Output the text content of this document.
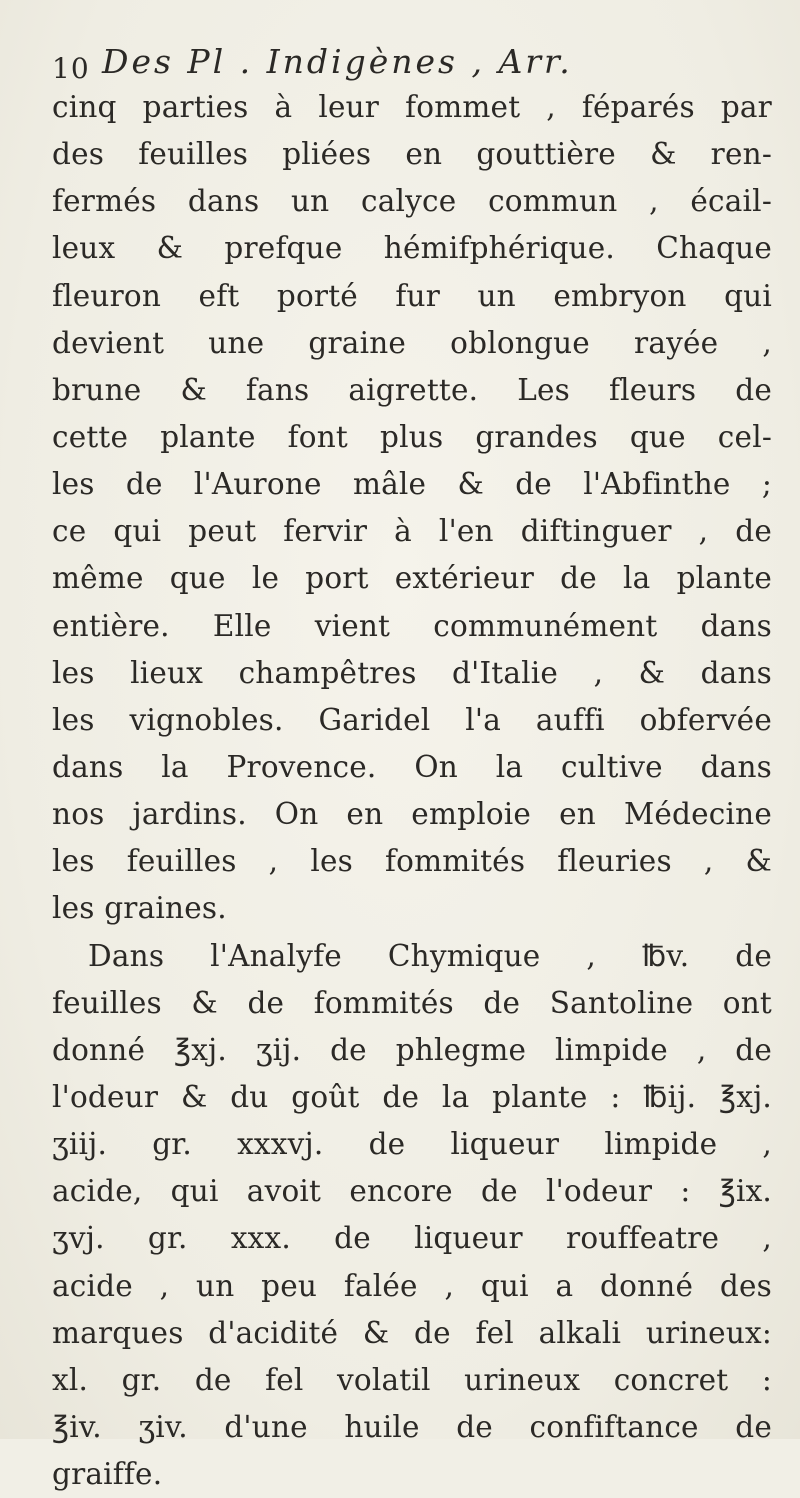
10 Des Pl . Indigènes , Arr.
cinq parties à leur fommet , féparés par
des feuilles pliées en gouttière & ren-
fermés dans un calyce commun , écail-
leux & prefque hémifphérique. Chaque
fleuron eft porté fur un embryon qui
devient une graine oblongue rayée ,
brune & fans aigrette. Les fleurs de
cette plante font plus grandes que cel-
les de l'Aurone mâle & de l'Abfinthe ;
ce qui peut fervir à l'en diftinguer , de
même que le port extérieur de la plante
entière. Elle vient communément dans
les lieux champêtres d'Italie , & dans
les vignobles. Garidel l'a auffi obfervée
dans la Provence. On la cultive dans
nos jardins. On en emploie en Médecine
les feuilles , les fommités fleuries , &
les graines.
Dans l'Analyfe Chymique , ℔v. de
feuilles & de fommités de Santoline ont
donné ℥xj. ʒij. de phlegme limpide , de
l'odeur & du goût de la plante : ℔ij. ℥xj.
ʒiij. gr. xxxvj. de liqueur limpide ,
acide, qui avoit encore de l'odeur : ℥ix.
ʒvj. gr. xxx. de liqueur rouffeatre ,
acide , un peu falée , qui a donné des
marques d'acidité & de fel alkali urineux:
xl. gr. de fel volatil urineux concret :
℥iv. ʒiv. d'une huile de confiftance de
graiffe.
